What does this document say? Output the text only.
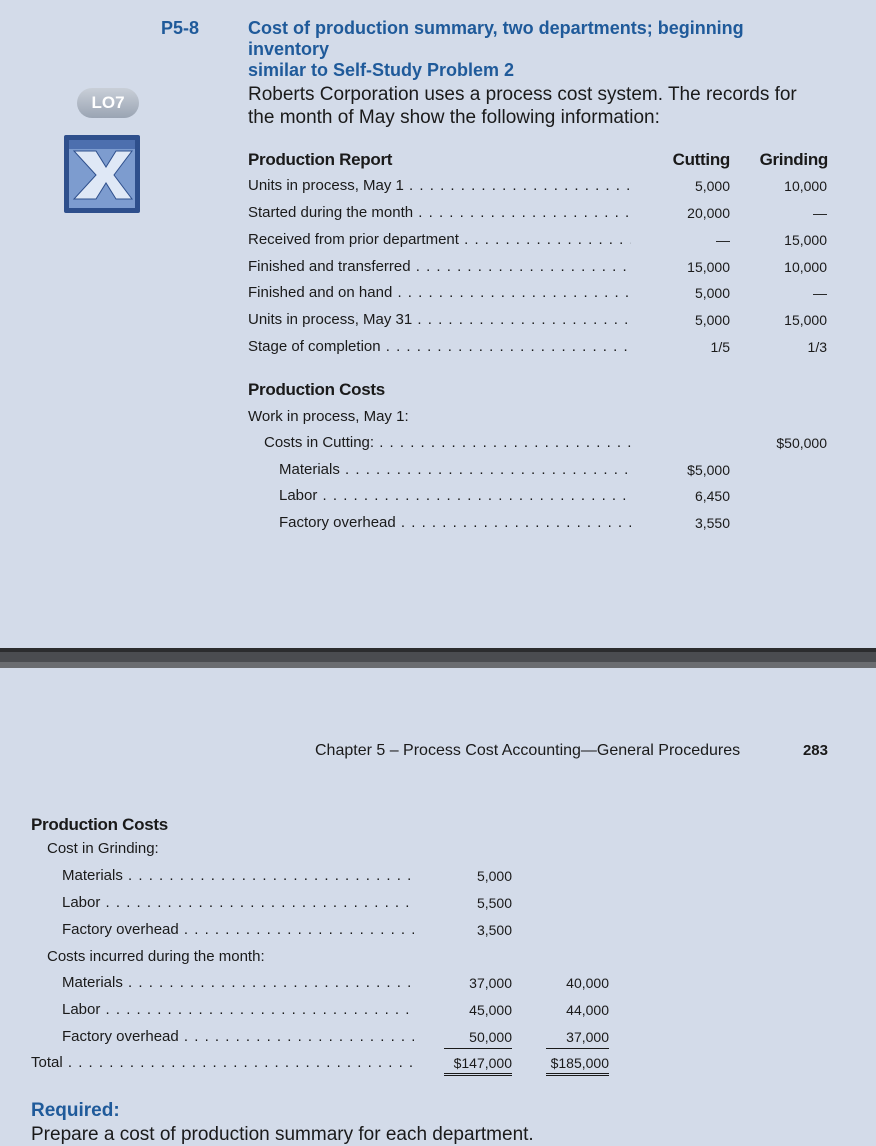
P5-8	Cost of production summary, two departments; beginning
inventory
similar to Self-Study Problem 2
LO7	Roberts Corporation uses a process cost system. The records for
the month of May show the following information:
Production Report	Cutting	Grinding
Units in process, May 1 . . .	5,000	10,000
Started during the month . . .	20,000	—
Received from prior department . . .	—	15,000
Finished and transferred . . .	15,000	10,000
Finished and on hand . . .	5,000	—
Units in process, May 31 . . .	5,000	15,000
Stage of completion . . .	1/5	1/3
Production Costs
Work in process, May 1:
Costs in Cutting: . . .	$50,000
Materials . . .	$5,000
Labor . . .	6,450
Factory overhead . . .	3,550
Chapter 5 – Process Cost Accounting—General Procedures	283
Production Costs
Cost in Grinding:
Materials . . .	5,000
Labor . . .	5,500
Factory overhead . . .	3,500
Costs incurred during the month:
Materials . . .	37,000	40,000
Labor . . .	45,000	44,000
Factory overhead . . .	50,000	37,000
Total . . .	$147,000	$185,000
Required:
Prepare a cost of production summary for each department.
